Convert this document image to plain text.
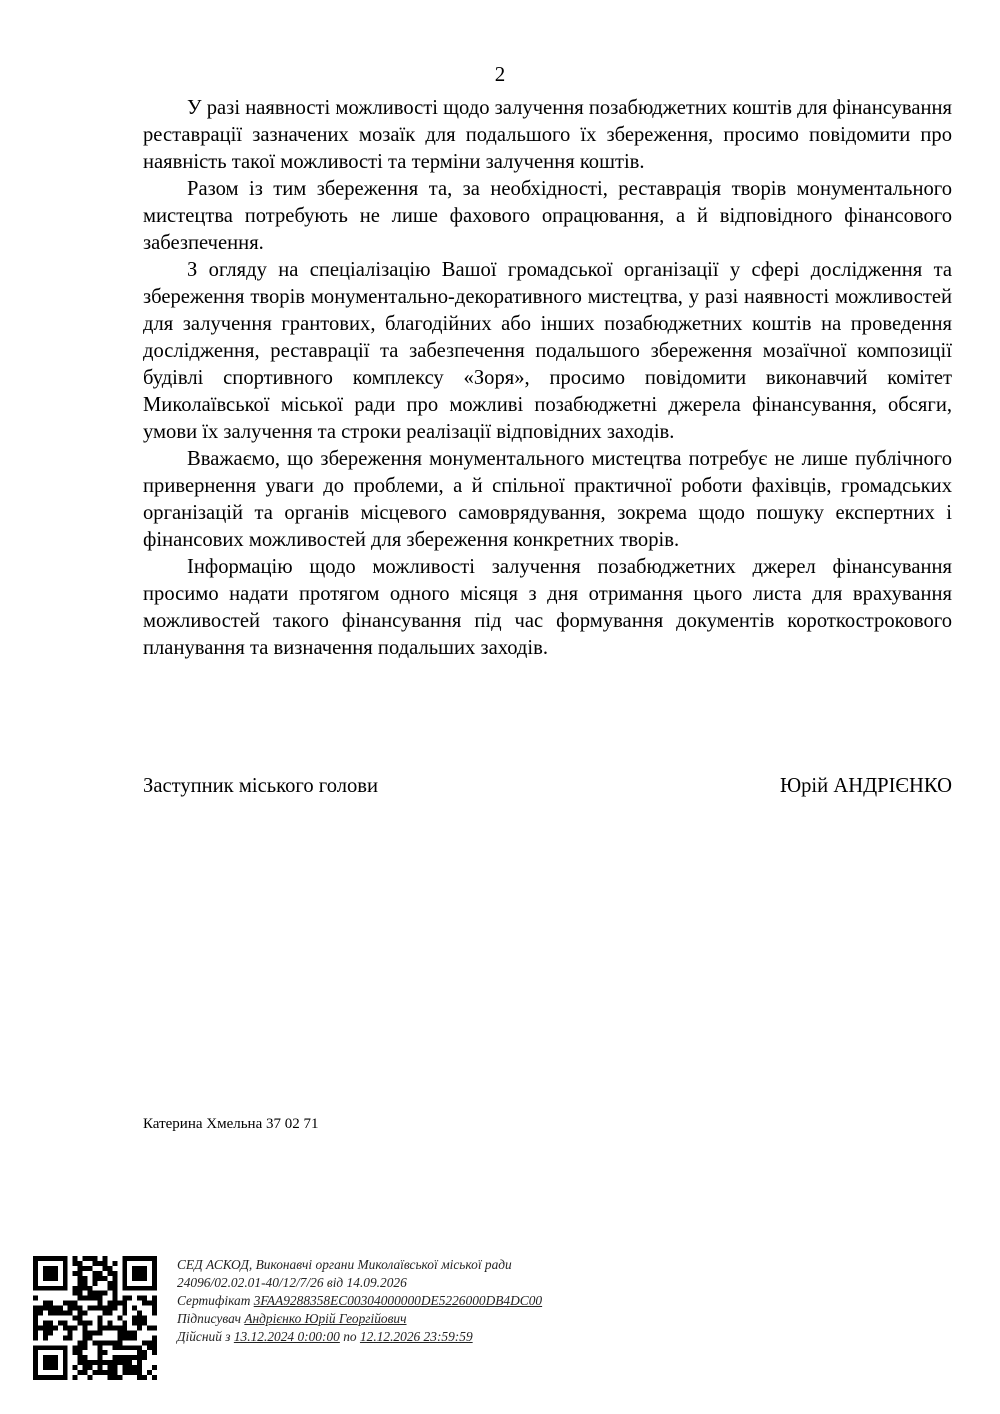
2

У разі наявності можливості щодо залучення позабюджетних коштів для фінансування реставрації зазначених мозаїк для подальшого їх збереження, просимо повідомити про наявність такої можливості та терміни залучення коштів.

Разом із тим збереження та, за необхідності, реставрація творів монументального мистецтва потребують не лише фахового опрацювання, а й відповідного фінансового забезпечення.

З огляду на спеціалізацію Вашої громадської організації у сфері дослідження та збереження творів монументально-декоративного мистецтва, у разі наявності можливостей для залучення грантових, благодійних або інших позабюджетних коштів на проведення дослідження, реставрації та забезпечення подальшого збереження мозаїчної композиції будівлі спортивного комплексу «Зоря», просимо повідомити виконавчий комітет Миколаївської міської ради про можливі позабюджетні джерела фінансування, обсяги, умови їх залучення та строки реалізації відповідних заходів.

Вважаємо, що збереження монументального мистецтва потребує не лише публічного привернення уваги до проблеми, а й спільної практичної роботи фахівців, громадських організацій та органів місцевого самоврядування, зокрема щодо пошуку експертних і фінансових можливостей для збереження конкретних творів.

Інформацію щодо можливості залучення позабюджетних джерел фінансування просимо надати протягом одного місяця з дня отримання цього листа для врахування можливостей такого фінансування під час формування документів короткострокового планування та визначення подальших заходів.

Заступник міського голови	Юрій АНДРІЄНКО
Катерина Хмельна 37 02 71
СЕД АСКОД, Виконавчі органи Миколаївської міської ради
24096/02.02.01-40/12/7/26 від 14.09.2026
Сертифікат 3FAA9288358EC00304000000DE5226000DB4DC00
Підписувач Андрієнко Юрій Георгійович
Дійсний з 13.12.2024 0:00:00 по 12.12.2026 23:59:59
